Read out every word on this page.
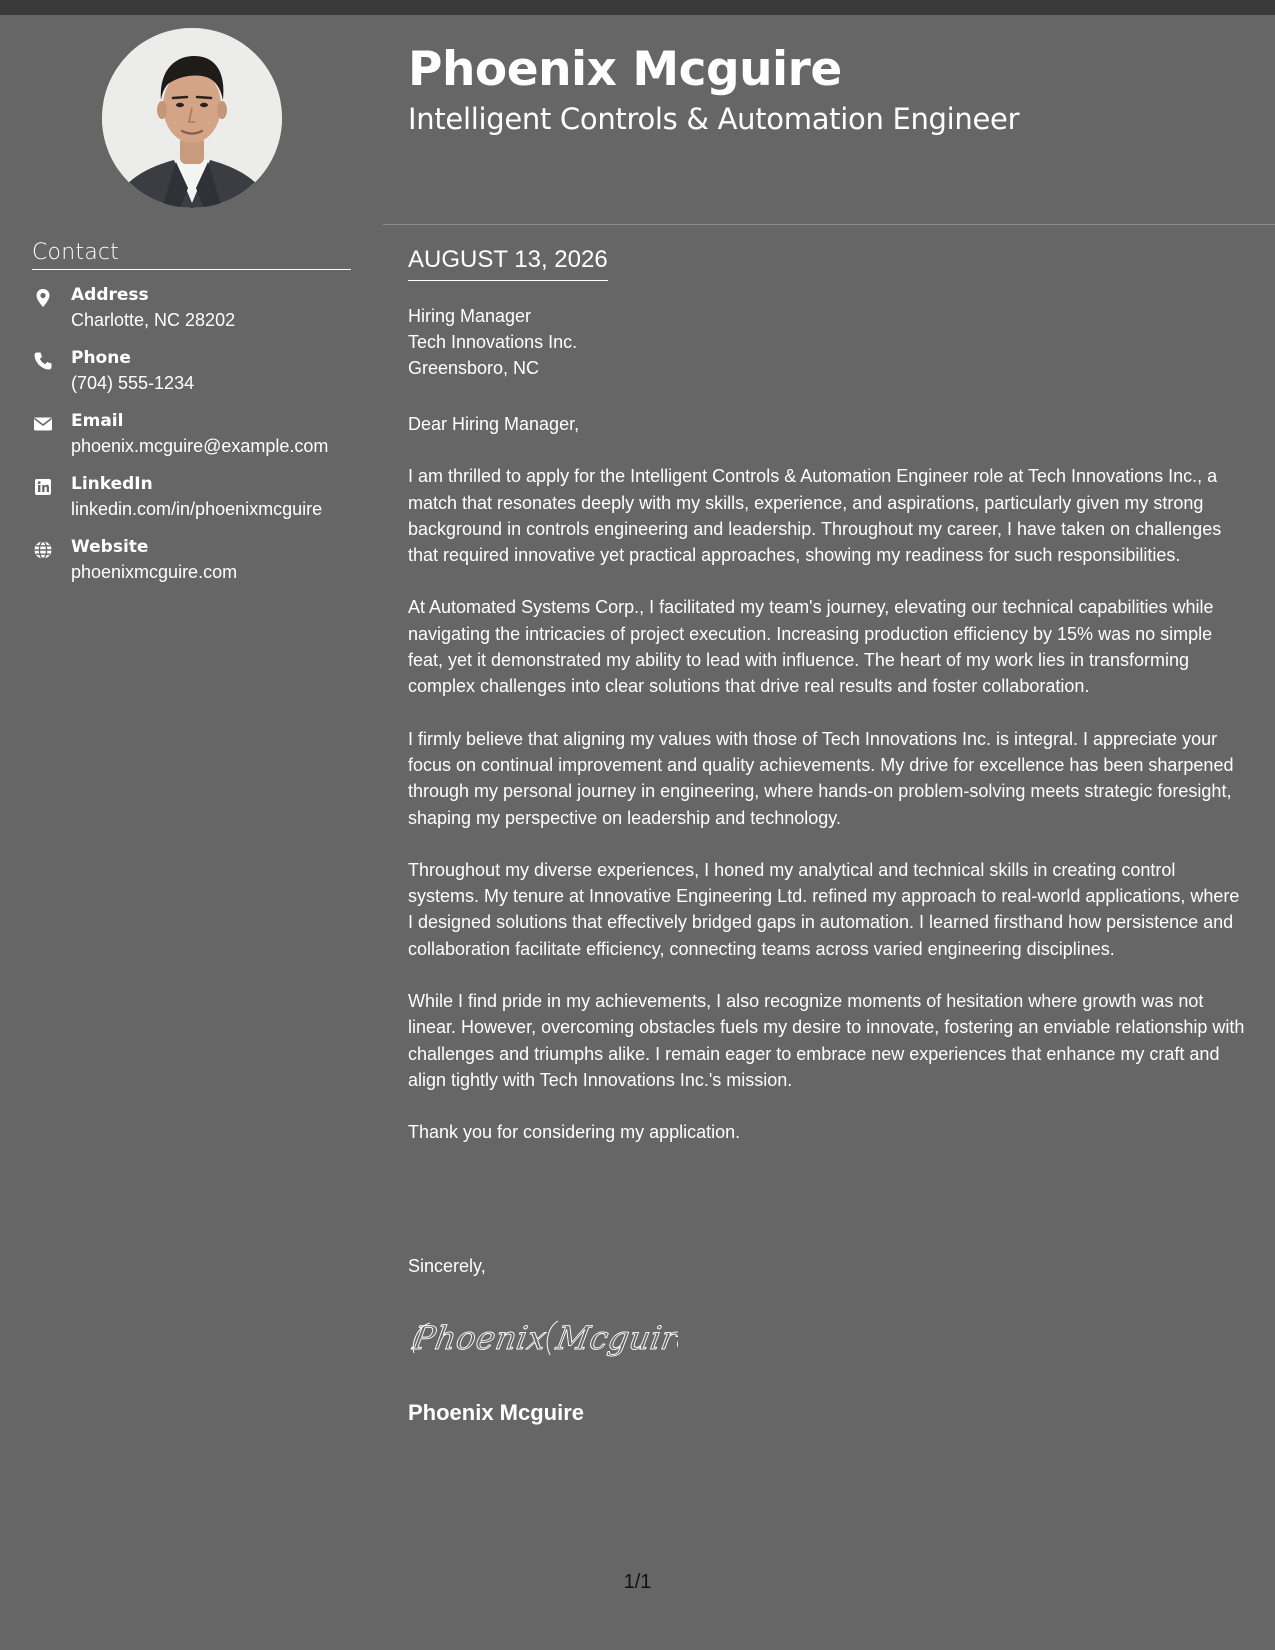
Contact
Address
Charlotte, NC 28202
Phone
(704) 555-1234
Email
phoenix.mcguire@example.com
LinkedIn
linkedin.com/in/phoenixmcguire
Website
phoenixmcguire.com
Phoenix Mcguire
Intelligent Controls & Automation Engineer
AUGUST 13, 2026
Hiring Manager
Tech Innovations Inc.
Greensboro, NC

Dear Hiring Manager,

I am thrilled to apply for the Intelligent Controls & Automation Engineer role at Tech Innovations Inc., a match that resonates deeply with my skills, experience, and aspirations, particularly given my strong background in controls engineering and leadership. Throughout my career, I have taken on challenges that required innovative yet practical approaches, showing my readiness for such responsibilities.

At Automated Systems Corp., I facilitated my team's journey, elevating our technical capabilities while navigating the intricacies of project execution. Increasing production efficiency by 15% was no simple feat, yet it demonstrated my ability to lead with influence. The heart of my work lies in transforming complex challenges into clear solutions that drive real results and foster collaboration.

I firmly believe that aligning my values with those of Tech Innovations Inc. is integral. I appreciate your focus on continual improvement and quality achievements. My drive for excellence has been sharpened through my personal journey in engineering, where hands-on problem-solving meets strategic foresight, shaping my perspective on leadership and technology.

Throughout my diverse experiences, I honed my analytical and technical skills in creating control systems. My tenure at Innovative Engineering Ltd. refined my approach to real-world applications, where I designed solutions that effectively bridged gaps in automation. I learned firsthand how persistence and collaboration facilitate efficiency, connecting teams across varied engineering disciplines.

While I find pride in my achievements, I also recognize moments of hesitation where growth was not linear. However, overcoming obstacles fuels my desire to innovate, fostering an enviable relationship with challenges and triumphs alike. I remain eager to embrace new experiences that enhance my craft and align tightly with Tech Innovations Inc.'s mission.

Thank you for considering my application.

Sincerely,
Phoenix Mcguire
Phoenix Mcguire
1/1
